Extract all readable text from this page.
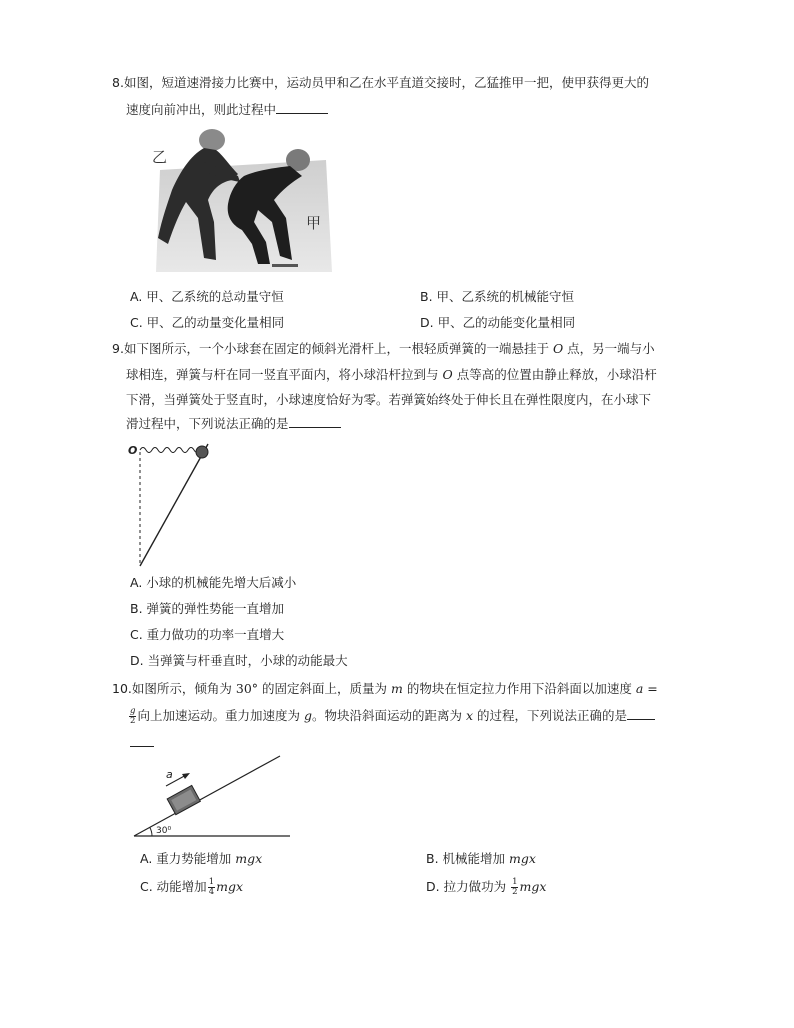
8.如图，短道速滑接力比赛中，运动员甲和乙在水平直道交接时，乙猛推甲一把，使甲获得更大的
速度向前冲出，则此过程中
乙
甲
A. 甲、乙系统的总动量守恒	B. 甲、乙系统的机械能守恒
C. 甲、乙的动量变化量相同	D. 甲、乙的动能变化量相同
9.如下图所示，一个小球套在固定的倾斜光滑杆上，一根轻质弹簧的一端悬挂于 O 点，另一端与小
球相连，弹簧与杆在同一竖直平面内，将小球沿杆拉到与 O 点等高的位置由静止释放，小球沿杆
下滑，当弹簧处于竖直时，小球速度恰好为零。若弹簧始终处于伸长且在弹性限度内，在小球下
滑过程中，下列说法正确的是
O
A. 小球的机械能先增大后减小
B. 弹簧的弹性势能一直增加
C. 重力做功的功率一直增大
D. 当弹簧与杆垂直时，小球的动能最大
10.如图所示，倾角为 30° 的固定斜面上，质量为 m 的物块在恒定拉力作用下沿斜面以加速度 a =
$\frac{g}{2}$ 向上加速运动。重力加速度为 g。物块沿斜面运动的距离为 x 的过程，下列说法正确的是
a
30⁰
A. 重力势能增加 mgx	B. 机械能增加 mgx
C. 动能增加 $\frac{1}{4}$ mgx	D. 拉力做功为 $\frac{1}{2}$ mgx
